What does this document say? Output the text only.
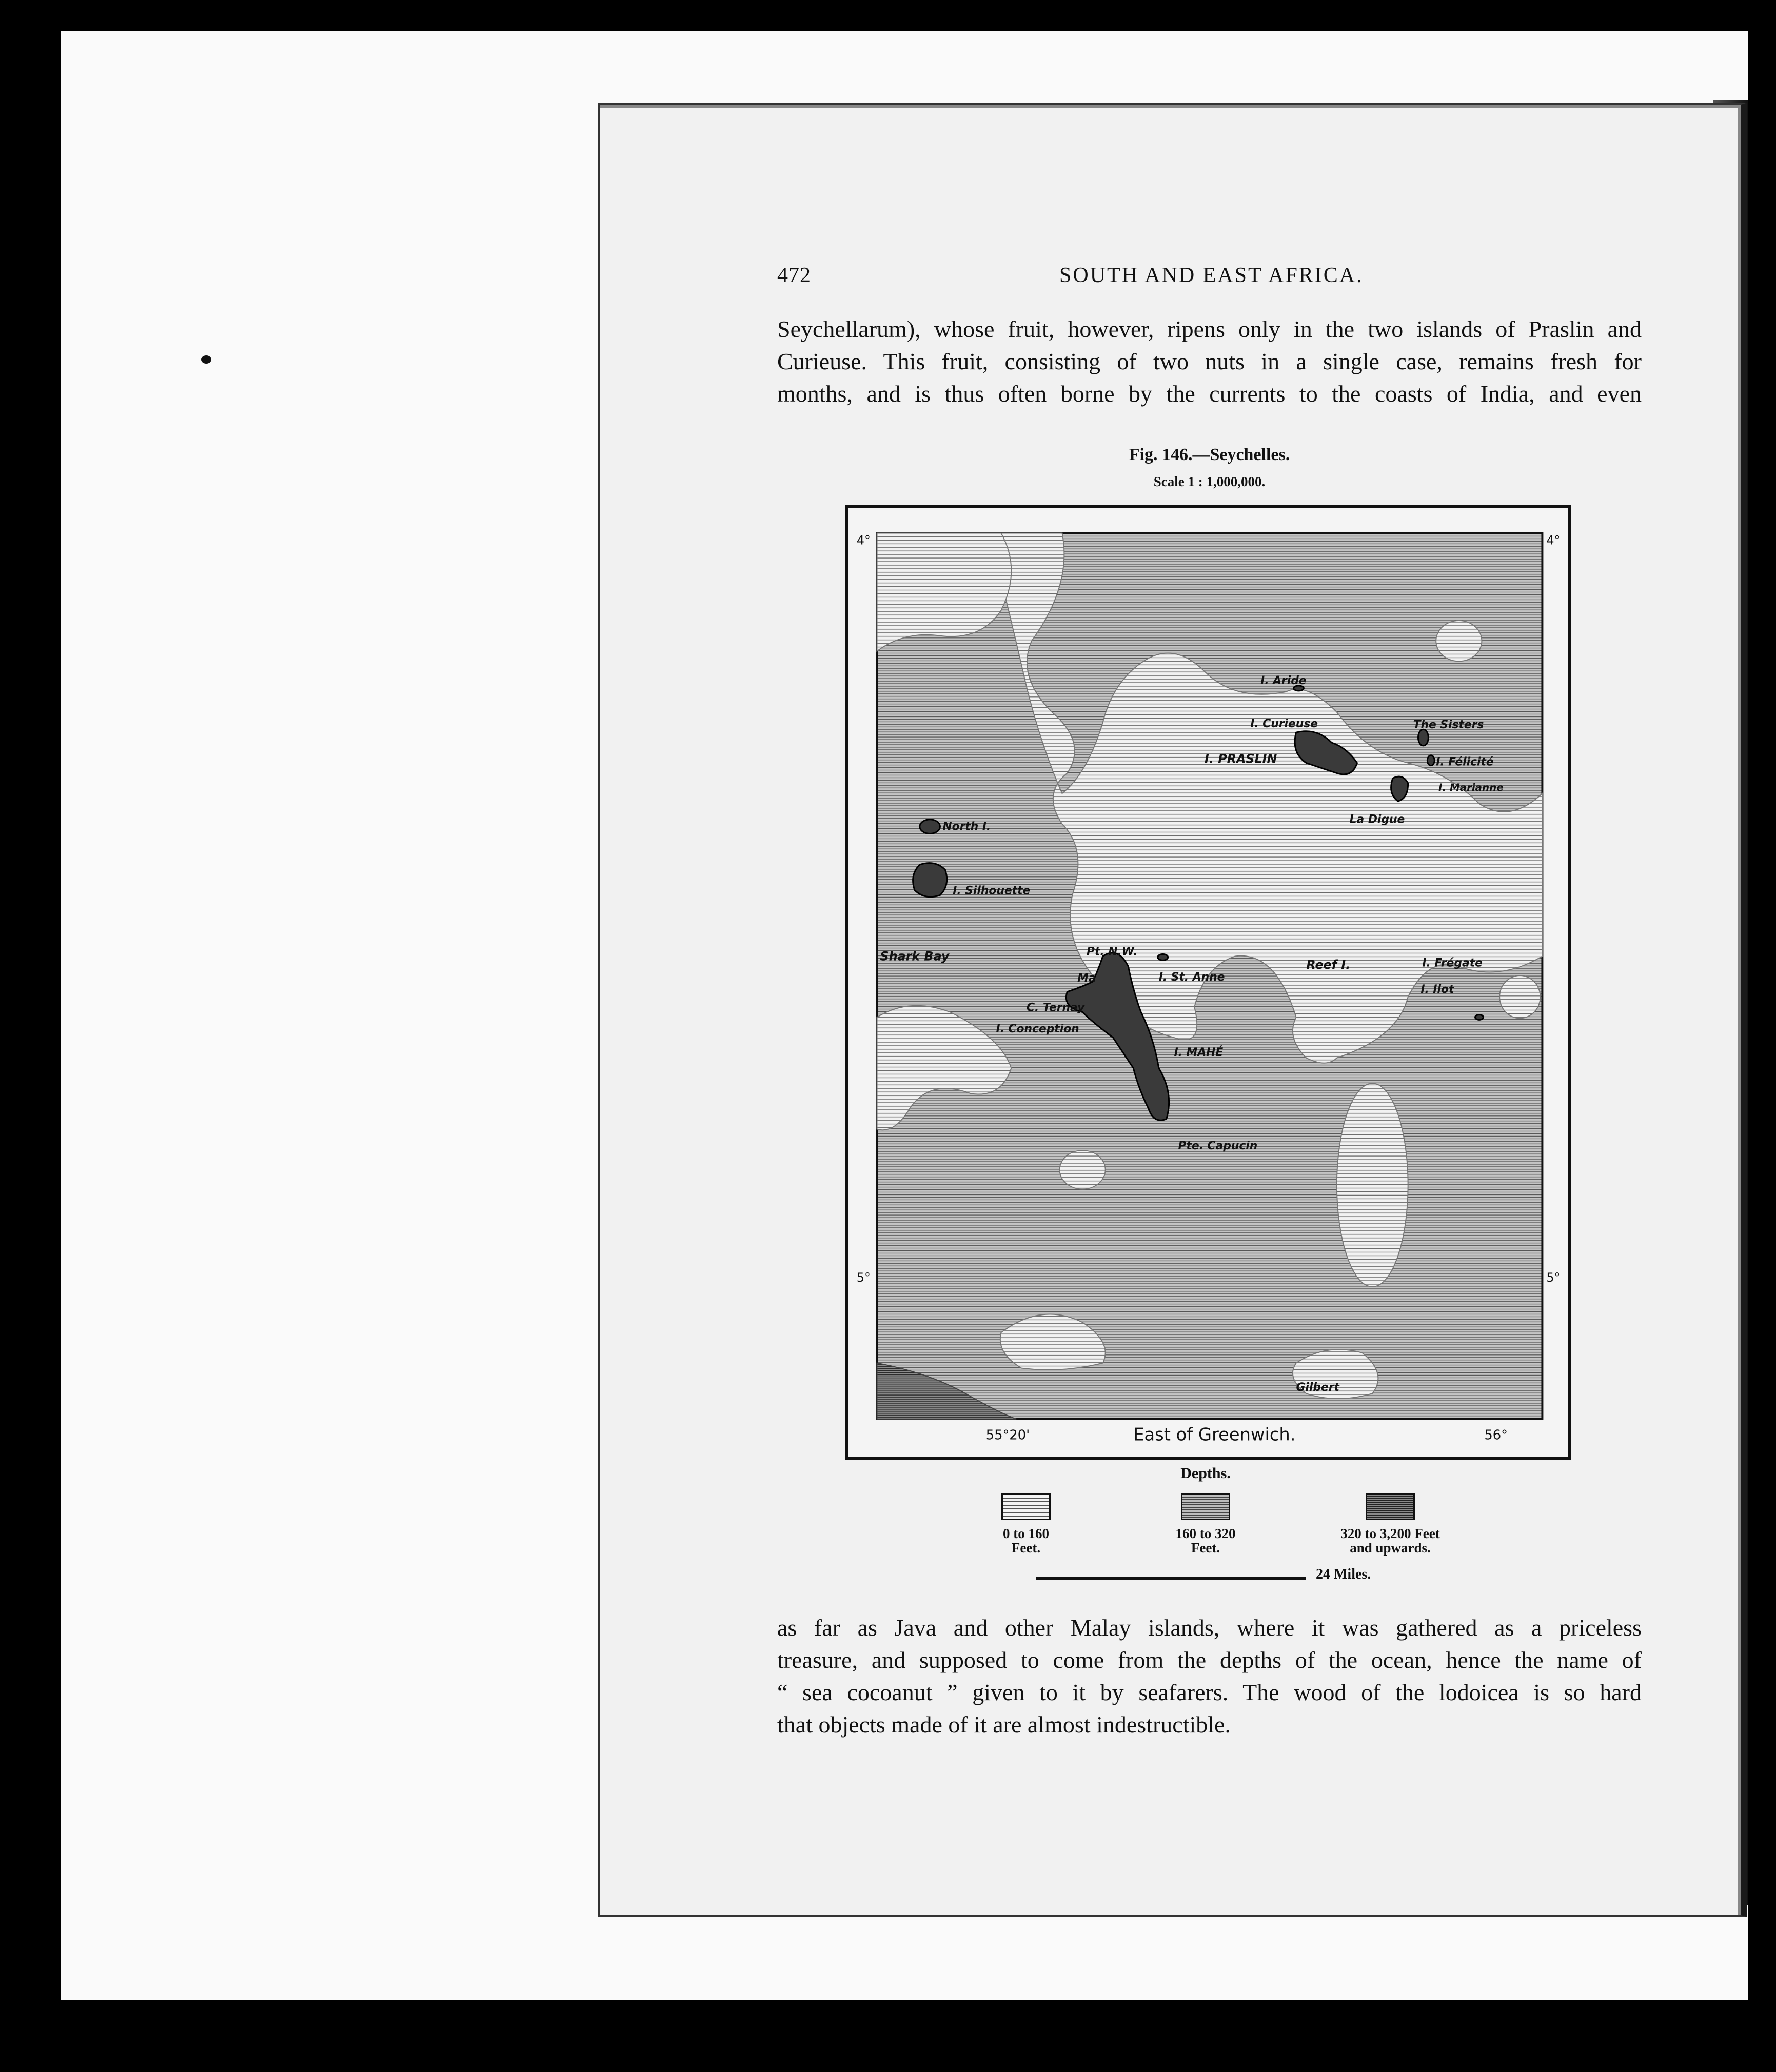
472	SOUTH AND EAST AFRICA.
Seychellarum), whose fruit, however, ripens only in the two islands of Praslin and
Curieuse. This fruit, consisting of two nuts in a single case, remains fresh for
months, and is thus often borne by the currents to the coasts of India, and even
Fig. 146.—Seychelles.
Scale 1 : 1,000,000.
4°	4°
5°	5°
55°20'	56°
East of Greenwich.
I. Aride
I. Curieuse
I. PRASLIN
The Sisters
I. Félicité
I. Marianne
La Digue
North I.
I. Silhouette
Shark Bay	Pt. N.W.
Ma	I. St. Anne
C. Ternay
I. Conception
I. MAHÉ
Reef I.	I. Frégate
I. Ilot
Pte. Capucin
Gilbert
Depths.
0 to 160
Feet.
160 to 320
Feet.
320 to 3,200 Feet
and upwards.
24 Miles.
as far as Java and other Malay islands, where it was gathered as a priceless
treasure, and supposed to come from the depths of the ocean, hence the name of
“ sea cocoanut ” given to it by seafarers. The wood of the lodoicea is so hard
that objects made of it are almost indestructible.
